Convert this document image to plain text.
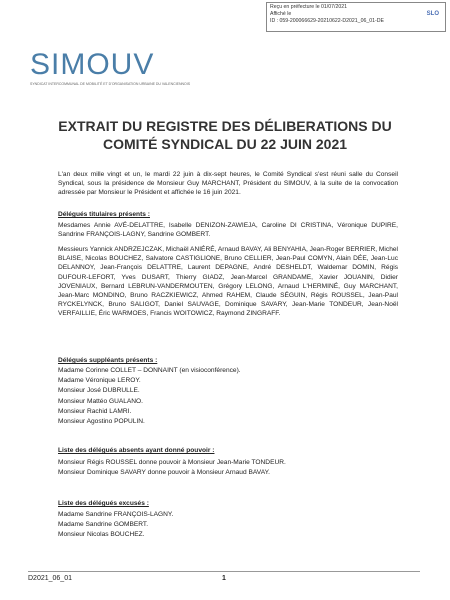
Reçu en préfecture le 01/07/2021
Affiché le
ID : 059-200066629-20210622-D2021_06_01-DE
SLO
SIMOUV
SYNDICAT INTERCOMMUNAL DE MOBILITÉ ET D'ORGANISATION URBAINE DU VALENCIENNOIS
EXTRAIT DU REGISTRE DES DÉLIBERATIONS DU
COMITÉ SYNDICAL DU 22 JUIN 2021
L'an deux mille vingt et un, le mardi 22 juin à dix-sept heures, le Comité Syndical s'est réuni salle du Conseil Syndical, sous la présidence de Monsieur Guy MARCHANT, Président du SIMOUV, à la suite de la convocation adressée par Monsieur le Président et affichée le 16 juin 2021.
Délégués titulaires présents :
Mesdames Annie AVÉ-DELATTRE, Isabelle DENIZON-ZAWIEJA, Caroline DI CRISTINA, Véronique DUPIRE, Sandrine FRANÇOIS-LAGNY, Sandrine GOMBERT.
Messieurs Yannick ANDRZEJCZAK, Michaël ANIÉRÉ, Arnaud BAVAY, Ali BENYAHIA, Jean-Roger BERRIER, Michel BLAISE, Nicolas BOUCHEZ, Salvatore CASTIGLIONE, Bruno CELLIER, Jean-Paul COMYN, Alain DÉE, Jean-Luc DELANNOY, Jean-François DELATTRE, Laurent DEPAGNE, André DESHELDT, Waldemar DOMIN, Régis DUFOUR-LEFORT, Yves DUSART, Thierry GIADZ, Jean-Marcel GRANDAME, Xavier JOUANIN, Didier JOVENIAUX, Bernard LEBRUN-VANDERMOUTEN, Grégory LELONG, Arnaud L'HERMINÉ, Guy MARCHANT, Jean-Marc MONDINO, Bruno RACZKIEWICZ, Ahmed RAHEM, Claude SÉGUIN, Régis ROUSSEL, Jean-Paul RYCKELYNCK, Bruno SALIGOT, Daniel SAUVAGE, Dominique SAVARY, Jean-Marie TONDEUR, Jean-Noël VERFAILLIE, Éric WARMOES, Francis WOITOWICZ, Raymond ZINGRAFF.
Délégués suppléants présents :
Madame Corinne COLLET – DONNAINT (en visioconférence).
Madame Véronique LEROY.
Monsieur José DUBRULLE.
Monsieur Mattéo GUALANO.
Monsieur Rachid LAMRI.
Monsieur Agostino POPULIN.
Liste des délégués absents ayant donné pouvoir :
Monsieur Régis ROUSSEL donne pouvoir à Monsieur Jean-Marie TONDEUR.
Monsieur Dominique SAVARY donne pouvoir à Monsieur Arnaud BAVAY.
Liste des délégués excusés :
Madame Sandrine FRANÇOIS-LAGNY.
Madame Sandrine GOMBERT.
Monsieur Nicolas BOUCHEZ.
D2021_06_01	1
